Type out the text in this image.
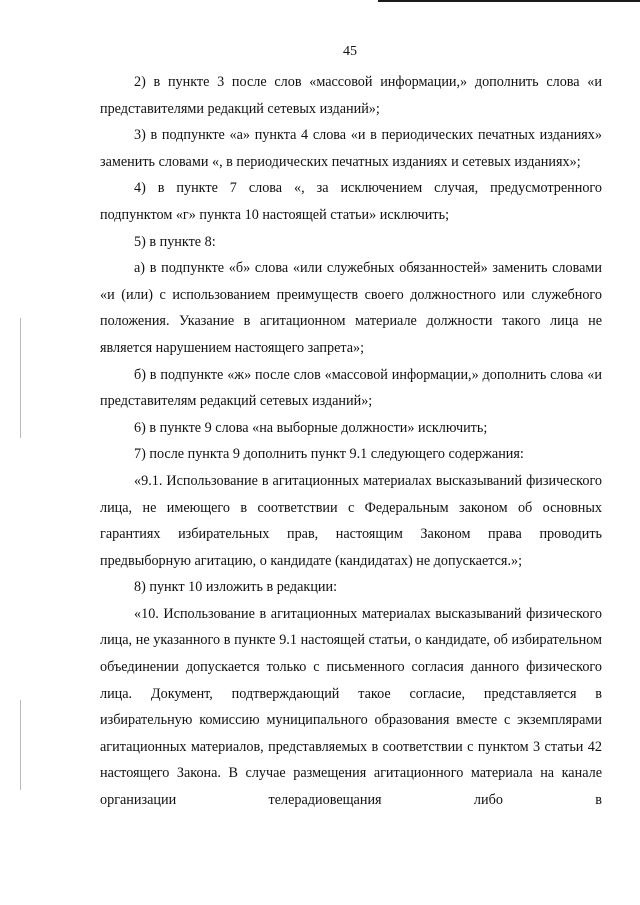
45

2) в пункте 3 после слов «массовой информации,» дополнить слова «и представителями редакций сетевых изданий»;

3) в подпункте «а» пункта 4 слова «и в периодических печатных изданиях» заменить словами «, в периодических печатных изданиях и сетевых изданиях»;

4) в пункте 7 слова «, за исключением случая, предусмотренного подпунктом «г» пункта 10 настоящей статьи» исключить;

5) в пункте 8:

а) в подпункте «б» слова «или служебных обязанностей» заменить словами «и (или) с использованием преимуществ своего должностного или служебного положения. Указание в агитационном материале должности такого лица не является нарушением настоящего запрета»;

б) в подпункте «ж» после слов «массовой информации,» дополнить слова «и представителям редакций сетевых изданий»;

6) в пункте 9 слова «на выборные должности» исключить;

7) после пункта 9 дополнить пункт 9.1 следующего содержания:

«9.1. Использование в агитационных материалах высказываний физического лица, не имеющего в соответствии с Федеральным законом об основных гарантиях избирательных прав, настоящим Законом права проводить предвыборную агитацию, о кандидате (кандидатах) не допускается.»;

8) пункт 10 изложить в редакции:

«10. Использование в агитационных материалах высказываний физического лица, не указанного в пункте 9.1 настоящей статьи, о кандидате, об избирательном объединении допускается только с письменного согласия данного физического лица. Документ, подтверждающий такое согласие, представляется в избирательную комиссию муниципального образования вместе с экземплярами агитационных материалов, представляемых в соответствии с пунктом 3 статьи 42 настоящего Закона. В случае размещения агитационного материала на канале организации телерадиовещания либо в
